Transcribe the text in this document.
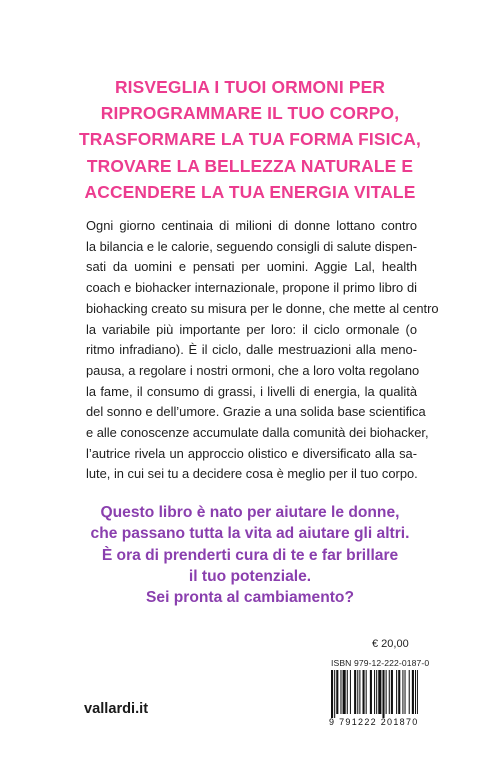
RISVEGLIA I TUOI ORMONI PER
RIPROGRAMMARE IL TUO CORPO,
TRASFORMARE LA TUA FORMA FISICA,
TROVARE LA BELLEZZA NATURALE E
ACCENDERE LA TUA ENERGIA VITALE
Ogni giorno centinaia di milioni di donne lottano contro
la bilancia e le calorie, seguendo consigli di salute dispen-
sati da uomini e pensati per uomini. Aggie Lal, health
coach e biohacker internazionale, propone il primo libro di
biohacking creato su misura per le donne, che mette al centro
la variabile più importante per loro: il ciclo ormonale (o
ritmo infradiano). È il ciclo, dalle mestruazioni alla meno-
pausa, a regolare i nostri ormoni, che a loro volta regolano
la fame, il consumo di grassi, i livelli di energia, la qualità
del sonno e dell’umore. Grazie a una solida base scientifica
e alle conoscenze accumulate dalla comunità dei biohacker,
l’autrice rivela un approccio olistico e diversificato alla sa-
lute, in cui sei tu a decidere cosa è meglio per il tuo corpo.
Questo libro è nato per aiutare le donne,
che passano tutta la vita ad aiutare gli altri.
È ora di prenderti cura di te e far brillare
il tuo potenziale.
Sei pronta al cambiamento?
€ 20,00
ISBN 979-12-222-0187-0
9 791222 201870
vallardi.it
